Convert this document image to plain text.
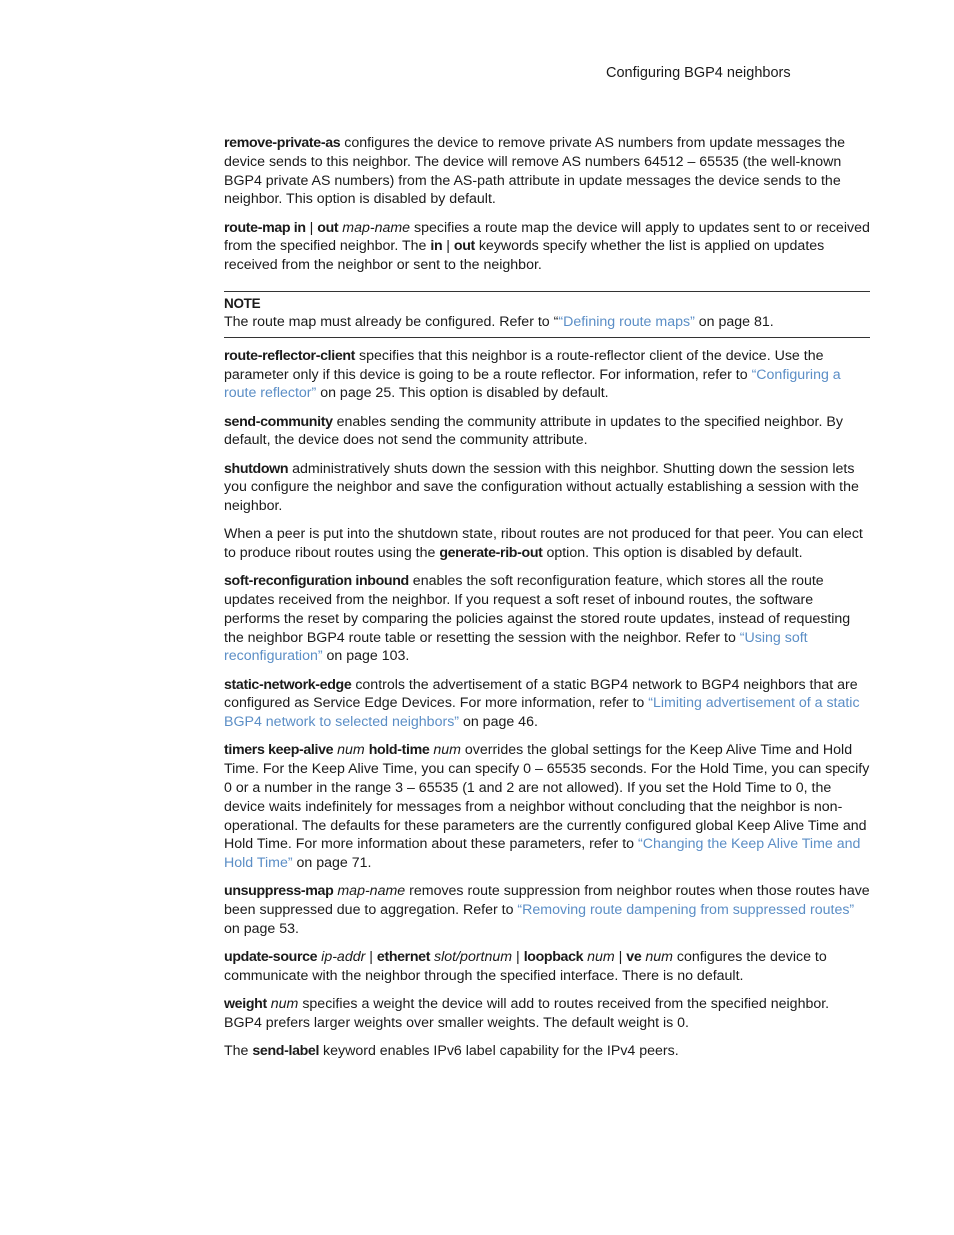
Configuring BGP4 neighbors

remove-private-as configures the device to remove private AS numbers from update messages the device sends to this neighbor. The device will remove AS numbers 64512 – 65535 (the well-known BGP4 private AS numbers) from the AS-path attribute in update messages the device sends to the neighbor. This option is disabled by default.

route-map in | out map-name specifies a route map the device will apply to updates sent to or received from the specified neighbor. The in | out keywords specify whether the list is applied on updates received from the neighbor or sent to the neighbor.

NOTE
The route map must already be configured. Refer to ““Defining route maps” on page 81.

route-reflector-client specifies that this neighbor is a route-reflector client of the device. Use the parameter only if this device is going to be a route reflector. For information, refer to “Configuring a route reflector” on page 25. This option is disabled by default.

send-community enables sending the community attribute in updates to the specified neighbor. By default, the device does not send the community attribute.

shutdown administratively shuts down the session with this neighbor. Shutting down the session lets you configure the neighbor and save the configuration without actually establishing a session with the neighbor.

When a peer is put into the shutdown state, ribout routes are not produced for that peer. You can elect to produce ribout routes using the generate-rib-out option. This option is disabled by default.

soft-reconfiguration inbound enables the soft reconfiguration feature, which stores all the route updates received from the neighbor. If you request a soft reset of inbound routes, the software performs the reset by comparing the policies against the stored route updates, instead of requesting the neighbor BGP4 route table or resetting the session with the neighbor. Refer to “Using soft reconfiguration” on page 103.

static-network-edge controls the advertisement of a static BGP4 network to BGP4 neighbors that are configured as Service Edge Devices. For more information, refer to “Limiting advertisement of a static BGP4 network to selected neighbors” on page 46.

timers keep-alive num hold-time num overrides the global settings for the Keep Alive Time and Hold Time. For the Keep Alive Time, you can specify 0 – 65535 seconds. For the Hold Time, you can specify 0 or a number in the range 3 – 65535 (1 and 2 are not allowed). If you set the Hold Time to 0, the device waits indefinitely for messages from a neighbor without concluding that the neighbor is non-operational. The defaults for these parameters are the currently configured global Keep Alive Time and Hold Time. For more information about these parameters, refer to “Changing the Keep Alive Time and Hold Time” on page 71.

unsuppress-map map-name removes route suppression from neighbor routes when those routes have been suppressed due to aggregation. Refer to “Removing route dampening from suppressed routes” on page 53.

update-source ip-addr | ethernet slot/portnum | loopback num | ve num configures the device to communicate with the neighbor through the specified interface. There is no default.

weight num specifies a weight the device will add to routes received from the specified neighbor. BGP4 prefers larger weights over smaller weights. The default weight is 0.

The send-label keyword enables IPv6 label capability for the IPv4 peers.
